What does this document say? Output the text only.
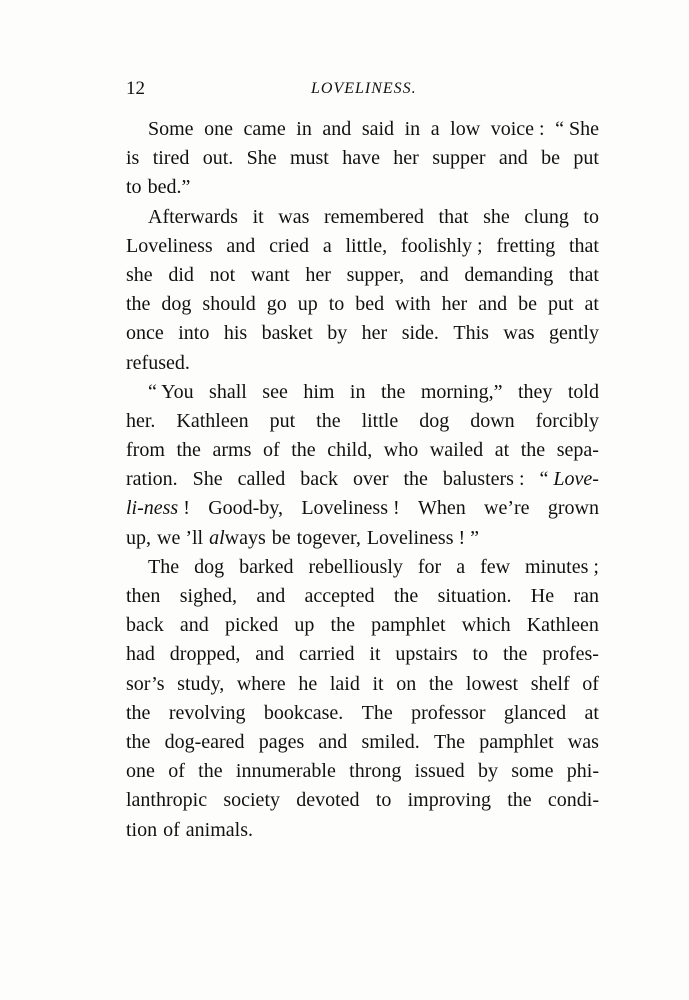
12	LOVELINESS.
Some one came in and said in a low voice : “ She
is tired out. She must have her supper and be put
to bed.”
Afterwards it was remembered that she clung to
Loveliness and cried a little, foolishly ; fretting that
she did not want her supper, and demanding that
the dog should go up to bed with her and be put at
once into his basket by her side. This was gently
refused.
“ You shall see him in the morning,” they told
her. Kathleen put the little dog down forcibly
from the arms of the child, who wailed at the sepa-
ration. She called back over the balusters : “ Love-
li-ness ! Good-by, Loveliness ! When we’re grown
up, we ’ll always be togever, Loveliness ! ”
The dog barked rebelliously for a few minutes ;
then sighed, and accepted the situation. He ran
back and picked up the pamphlet which Kathleen
had dropped, and carried it upstairs to the profes-
sor’s study, where he laid it on the lowest shelf of
the revolving bookcase. The professor glanced at
the dog-eared pages and smiled. The pamphlet was
one of the innumerable throng issued by some phi-
lanthropic society devoted to improving the condi-
tion of animals.
